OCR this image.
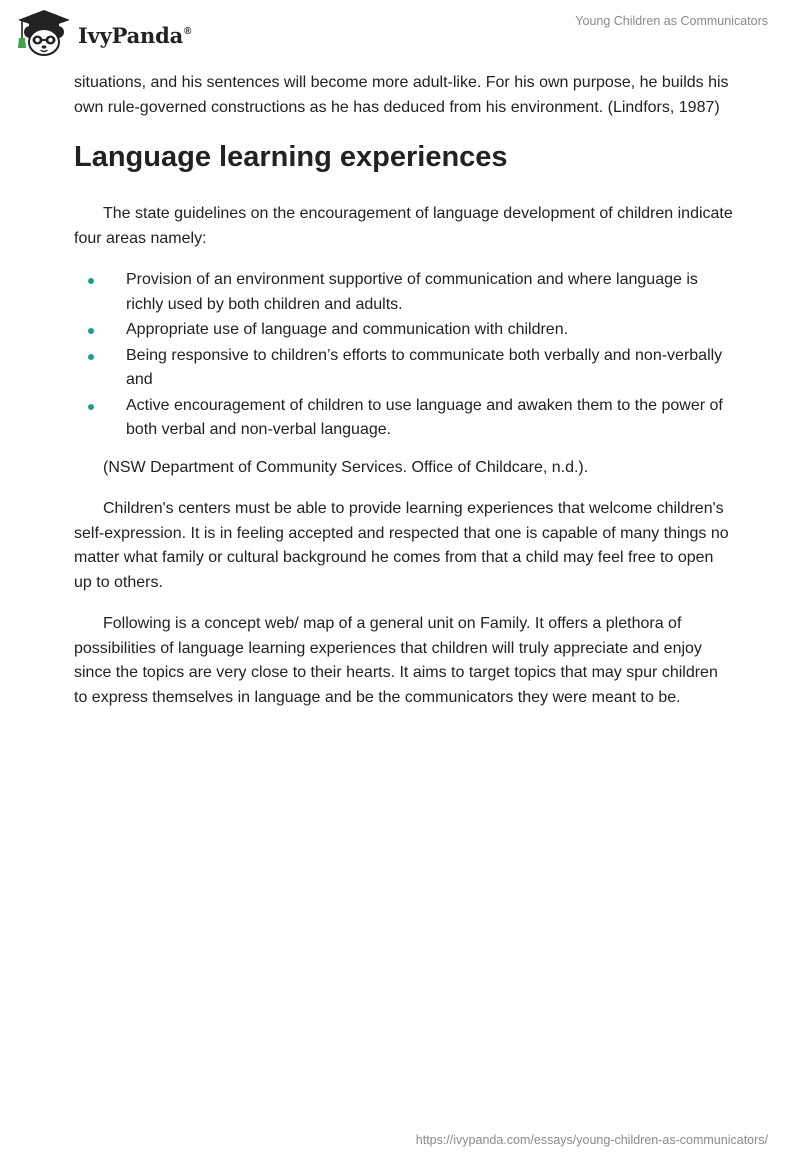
IvyPanda®
Young Children as Communicators

situations, and his sentences will become more adult-like. For his own purpose, he builds his own rule-governed constructions as he has deduced from his environment. (Lindfors, 1987)

Language learning experiences

The state guidelines on the encouragement of language development of children indicate four areas namely:

Provision of an environment supportive of communication and where language is richly used by both children and adults.
Appropriate use of language and communication with children.
Being responsive to children’s efforts to communicate both verbally and non-verbally and
Active encouragement of children to use language and awaken them to the power of both verbal and non-verbal language.

(NSW Department of Community Services. Office of Childcare, n.d.).

Children's centers must be able to provide learning experiences that welcome children's self-expression. It is in feeling accepted and respected that one is capable of many things no matter what family or cultural background he comes from that a child may feel free to open up to others.

Following is a concept web/ map of a general unit on Family. It offers a plethora of possibilities of language learning experiences that children will truly appreciate and enjoy since the topics are very close to their hearts. It aims to target topics that may spur children to express themselves in language and be the communicators they were meant to be.

https://ivypanda.com/essays/young-children-as-communicators/
